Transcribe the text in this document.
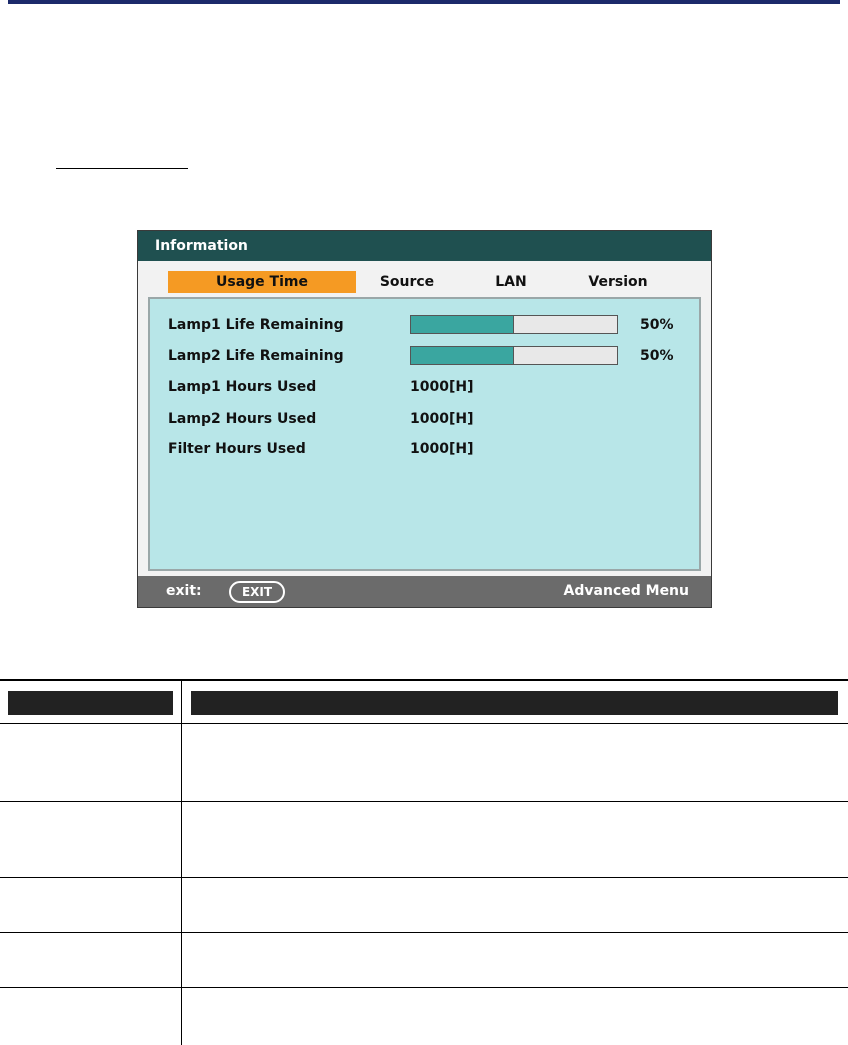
Information
Usage Time	Source	LAN	Version
Lamp1 Life Remaining	50%
Lamp2 Life Remaining	50%
Lamp1 Hours Used	1000[H]
Lamp2 Hours Used	1000[H]
Filter Hours Used	1000[H]
exit:	EXIT	Advanced Menu
